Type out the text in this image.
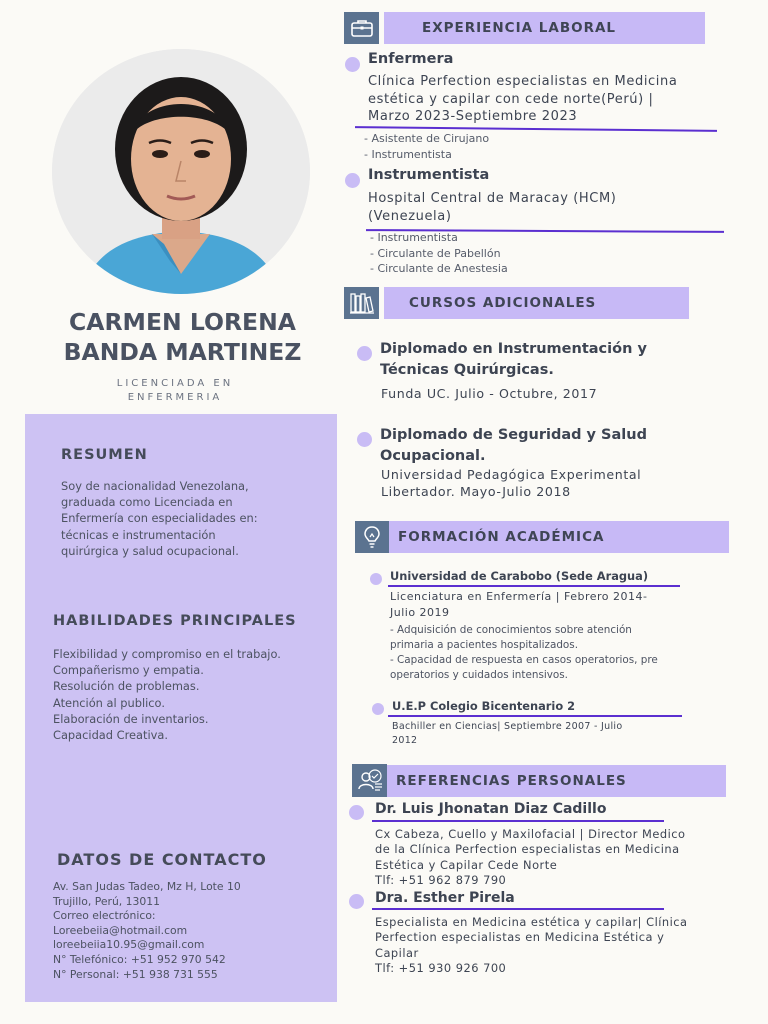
CARMEN LORENA
BANDA MARTINEZ
LICENCIADA EN
ENFERMERIA
RESUMEN
Soy de nacionalidad Venezolana,
graduada como Licenciada en
Enfermería con especialidades en:
técnicas e instrumentación
quirúrgica y salud ocupacional.
HABILIDADES PRINCIPALES
Flexibilidad y compromiso en el trabajo.
Compañerismo y empatia.
Resolución de problemas.
Atención al publico.
Elaboración de inventarios.
Capacidad Creativa.
DATOS DE CONTACTO
Av. San Judas Tadeo, Mz H, Lote 10
Trujillo, Perú, 13011
Correo electrónico:
Loreebeiia@hotmail.com
loreebeiia10.95@gmail.com
N° Telefónico: +51 952 970 542
N° Personal: +51 938 731 555
EXPERIENCIA LABORAL
Enfermera
Clínica Perfection especialistas en Medicina
estética y capilar con cede norte(Perú) |
Marzo 2023-Septiembre 2023
- Asistente de Cirujano
- Instrumentista
Instrumentista
Hospital Central de Maracay (HCM)
(Venezuela)
- Instrumentista
- Circulante de Pabellón
- Circulante de Anestesia
CURSOS ADICIONALES
Diplomado en Instrumentación y
Técnicas Quirúrgicas.
Funda UC. Julio - Octubre, 2017
Diplomado de Seguridad y Salud
Ocupacional.
Universidad Pedagógica Experimental
Libertador. Mayo-Julio 2018
FORMACIÓN ACADÉMICA
Universidad de Carabobo (Sede Aragua)
Licenciatura en Enfermería | Febrero 2014-
Julio 2019
- Adquisición de conocimientos sobre atención
primaria a pacientes hospitalizados.
- Capacidad de respuesta en casos operatorios, pre
operatorios y cuidados intensivos.
U.E.P Colegio Bicentenario 2
Bachiller en Ciencias| Septiembre 2007 - Julio
2012
REFERENCIAS PERSONALES
Dr. Luis Jhonatan Diaz Cadillo
Cx Cabeza, Cuello y Maxilofacial | Director Medico
de la Clínica Perfection especialistas en Medicina
Estética y Capilar Cede Norte
Tlf: +51 962 879 790
Dra. Esther Pirela
Especialista en Medicina estética y capilar| Clínica
Perfection especialistas en Medicina Estética y
Capilar
Tlf: +51 930 926 700
